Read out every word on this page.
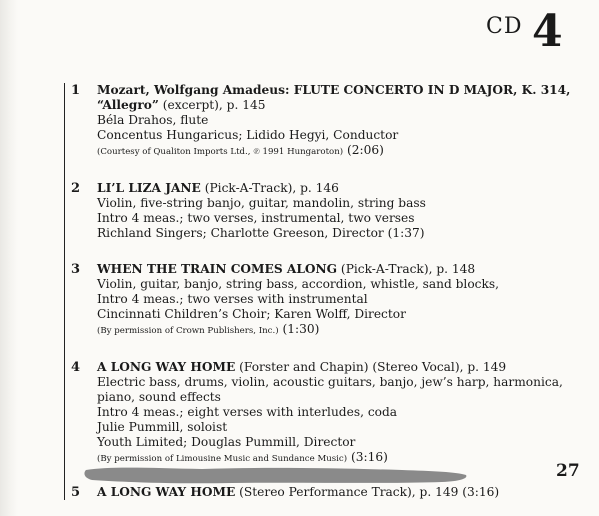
CD 4
1 Mozart, Wolfgang Amadeus: FLUTE CONCERTO IN D MAJOR, K. 314,
“Allegro” (excerpt), p. 145
Béla Drahos, flute
Concentus Hungaricus; Lidido Hegyi, Conductor
(Courtesy of Qualiton Imports Ltd., ℗ 1991 Hungaroton) (2:06)
2 LI’L LIZA JANE (Pick-A-Track), p. 146
Violin, five-string banjo, guitar, mandolin, string bass
Intro 4 meas.; two verses, instrumental, two verses
Richland Singers; Charlotte Greeson, Director (1:37)
3 WHEN THE TRAIN COMES ALONG (Pick-A-Track), p. 148
Violin, guitar, banjo, string bass, accordion, whistle, sand blocks,
Intro 4 meas.; two verses with instrumental
Cincinnati Children’s Choir; Karen Wolff, Director
(By permission of Crown Publishers, Inc.) (1:30)
4 A LONG WAY HOME (Forster and Chapin) (Stereo Vocal), p. 149
Electric bass, drums, violin, acoustic guitars, banjo, jew’s harp, harmonica,
piano, sound effects
Intro 4 meas.; eight verses with interludes, coda
Julie Pummill, soloist
Youth Limited; Douglas Pummill, Director
(By permission of Limousine Music and Sundance Music) (3:16)
5 A LONG WAY HOME (Stereo Performance Track), p. 149 (3:16)
27
